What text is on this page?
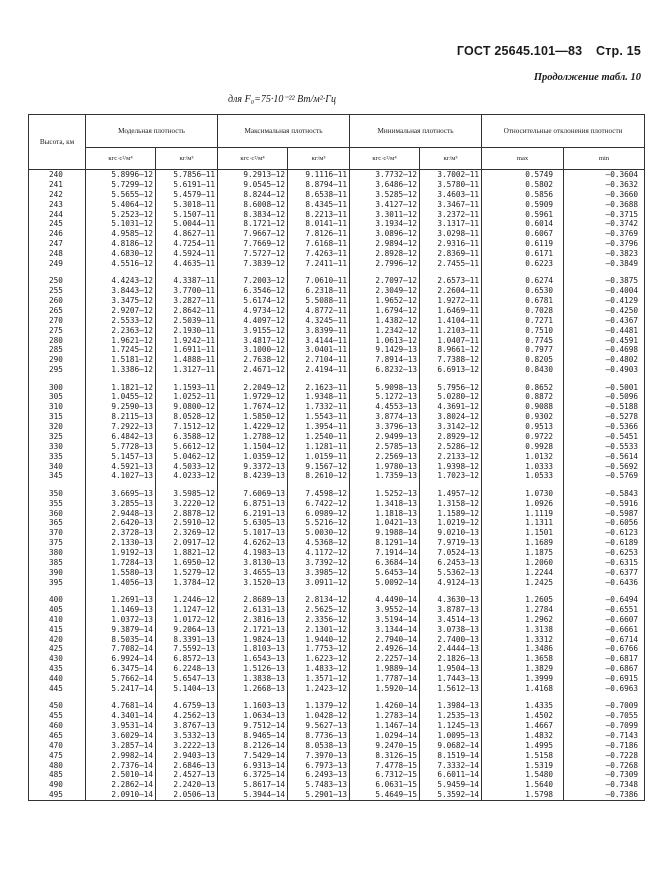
ГОСТ 25645.101—83 Стр. 15
Продолжение табл. 10
для F₀=75·10⁻²² Вт/м²·Гц
Высота, км	Модельная плотность		Максимальная плотность		Минимальная плотность		Относительные отклонения плотности	
	кгс·с²/м⁴	кг/м³	кгс·с²/м⁴	кг/м³	кгс·с²/м⁴	кг/м³	max	min
240	5.8996—12	5.7856—11	9.2913—12	9.1116—11	3.7732—12	3.7002—11	0.5749	—0.3604
241	5.7299—12	5.6191—11	9.0545—12	8.8794—11	3.6486—12	3.5780—11	0.5802	—0.3632
242	5.5655—12	5.4579—11	8.8244—12	8.6538—11	3.5285—12	3.4603—11	0.5856	—0.3660
243	5.4064—12	5.3018—11	8.6008—12	8.4345—11	3.4127—12	3.3467—11	0.5909	—0.3688
244	5.2523—12	5.1507—11	8.3834—12	8.2213—11	3.3011—12	3.2372—11	0.5961	—0.3715
245	5.1031—12	5.0044—11	8.1721—12	8.0141—11	3.1934—12	3.1317—11	0.6014	—0.3742
246	4.9585—12	4.8627—11	7.9667—12	7.8126—11	3.0896—12	3.0298—11	0.6067	—0.3769
247	4.8186—12	4.7254—11	7.7669—12	7.6168—11	2.9894—12	2.9316—11	0.6119	—0.3796
248	4.6830—12	4.5924—11	7.5727—12	7.4263—11	2.8928—12	2.8369—11	0.6171	—0.3823
249	4.5516—12	4.4635—11	7.3839—12	7.2411—11	2.7996—12	2.7455—11	0.6223	—0.3849

250	4.4243—12	4.3387—11	7.2003—12	7.0610—11	2.7097—12	2.6573—11	0.6274	—0.3875
255	3.8443—12	3.7700—11	6.3546—12	6.2318—11	2.3049—12	2.2604—11	0.6530	—0.4004
260	3.3475—12	3.2827—11	5.6174—12	5.5088—11	1.9652—12	1.9272—11	0.6781	—0.4129
265	2.9207—12	2.8642—11	4.9734—12	4.8772—11	1.6794—12	1.6469—11	0.7028	—0.4250
270	2.5533—12	2.5039—11	4.4097—12	4.3245—11	1.4382—12	1.4104—11	0.7271	—0.4367
275	2.2363—12	2.1930—11	3.9155—12	3.8399—11	1.2342—12	1.2103—11	0.7510	—0.4481
280	1.9621—12	1.9242—11	3.4817—12	3.4144—11	1.0613—12	1.0407—11	0.7745	—0.4591
285	1.7245—12	1.6911—11	3.1000—12	3.0401—11	9.1429—13	8.9661—12	0.7977	—0.4698
290	1.5181—12	1.4888—11	2.7638—12	2.7104—11	7.8914—13	7.7388—12	0.8205	—0.4802
295	1.3386—12	1.3127—11	2.4671—12	2.4194—11	6.8232—13	6.6913—12	0.8430	—0.4903

300	1.1821—12	1.1593—11	2.2049—12	2.1623—11	5.9098—13	5.7956—12	0.8652	—0.5001
305	1.0455—12	1.0252—11	1.9729—12	1.9348—11	5.1272—13	5.0280—12	0.8872	—0.5096
310	9.2590—13	9.0800—12	1.7674—12	1.7332—11	4.4553—13	4.3691—12	0.9088	—0.5188
315	8.2115—13	8.0528—12	1.5850—12	1.5543—11	3.8774—13	3.8024—12	0.9302	—0.5278
320	7.2922—13	7.1512—12	1.4229—12	1.3954—11	3.3796—13	3.3142—12	0.9513	—0.5366
325	6.4842—13	6.3588—12	1.2788—12	1.2540—11	2.9499—13	2.8929—12	0.9722	—0.5451
330	5.7728—13	5.6612—12	1.1504—12	1.1281—11	2.5785—13	2.5286—12	0.9928	—0.5533
335	5.1457—13	5.0462—12	1.0359—12	1.0159—11	2.2569—13	2.2133—12	1.0132	—0.5614
340	4.5921—13	4.5033—12	9.3372—13	9.1567—12	1.9780—13	1.9398—12	1.0333	—0.5692
345	4.1027—13	4.0233—12	8.4239—13	8.2610—12	1.7359—13	1.7023—12	1.0533	—0.5769

350	3.6695—13	3.5985—12	7.6069—13	7.4598—12	1.5252—13	1.4957—12	1.0730	—0.5843
355	3.2855—13	3.2220—12	6.8751—13	6.7422—12	1.3418—13	1.3158—12	1.0926	—0.5916
360	2.9448—13	2.8878—12	6.2191—13	6.0989—12	1.1818—13	1.1589—12	1.1119	—0.5987
365	2.6420—13	2.5910—12	5.6305—13	5.5216—12	1.0421—13	1.0219—12	1.1311	—0.6056
370	2.3728—13	2.3269—12	5.1017—13	5.0030—12	9.1988—14	9.0210—13	1.1501	—0.6123
375	2.1330—13	2.0917—12	4.6262—13	4.5368—12	8.1291—14	7.9719—13	1.1689	—0.6189
380	1.9192—13	1.8821—12	4.1983—13	4.1172—12	7.1914—14	7.0524—13	1.1875	—0.6253
385	1.7284—13	1.6950—12	3.8130—13	3.7392—12	6.3684—14	6.2453—13	1.2060	—0.6315
390	1.5580—13	1.5279—12	3.4655—13	3.3985—12	5.6453—14	5.5362—13	1.2244	—0.6377
395	1.4056—13	1.3784—12	3.1520—13	3.0911—12	5.0092—14	4.9124—13	1.2425	—0.6436

400	1.2691—13	1.2446—12	2.8689—13	2.8134—12	4.4490—14	4.3630—13	1.2605	—0.6494
405	1.1469—13	1.1247—12	2.6131—13	2.5625—12	3.9552—14	3.8787—13	1.2784	—0.6551
410	1.0372—13	1.0172—12	2.3816—13	2.3356—12	3.5194—14	3.4514—13	1.2962	—0.6607
415	9.3879—14	9.2064—13	2.1721—13	2.1301—12	3.1344—14	3.0738—13	1.3138	—0.6661
420	8.5035—14	8.3391—13	1.9824—13	1.9440—12	2.7940—14	2.7400—13	1.3312	—0.6714
425	7.7082—14	7.5592—13	1.8103—13	1.7753—12	2.4926—14	2.4444—13	1.3486	—0.6766
430	6.9924—14	6.8572—13	1.6543—13	1.6223—12	2.2257—14	2.1826—13	1.3658	—0.6817
435	6.3475—14	6.2248—13	1.5126—13	1.4833—12	1.9889—14	1.9504—13	1.3829	—0.6867
440	5.7662—14	5.6547—13	1.3838—13	1.3571—12	1.7787—14	1.7443—13	1.3999	—0.6915
445	5.2417—14	5.1404—13	1.2668—13	1.2423—12	1.5920—14	1.5612—13	1.4168	—0.6963

450	4.7681—14	4.6759—13	1.1603—13	1.1379—12	1.4260—14	1.3984—13	1.4335	—0.7009
455	4.3401—14	4.2562—13	1.0634—13	1.0428—12	1.2783—14	1.2535—13	1.4502	—0.7055
460	3.9531—14	3.8767—13	9.7512—14	9.5627—13	1.1467—14	1.1245—13	1.4667	—0.7099
465	3.6029—14	3.5332—13	8.9465—14	8.7736—13	1.0294—14	1.0095—13	1.4832	—0.7143
470	3.2857—14	3.2222—13	8.2126—14	8.0538—13	9.2470—15	9.0682—14	1.4995	—0.7186
475	2.9982—14	2.9403—13	7.5429—14	7.3970—13	8.3126—15	8.1519—14	1.5158	—0.7228
480	2.7376—14	2.6846—13	6.9313—14	6.7973—13	7.4778—15	7.3332—14	1.5319	—0.7268
485	2.5010—14	2.4527—13	6.3725—14	6.2493—13	6.7312—15	6.6011—14	1.5480	—0.7309
490	2.2862—14	2.2420—13	5.8617—14	5.7483—13	6.0631—15	5.9459—14	1.5640	—0.7348
495	2.0910—14	2.0506—13	5.3944—14	5.2901—13	5.4649—15	5.3592—14	1.5798	—0.7386
